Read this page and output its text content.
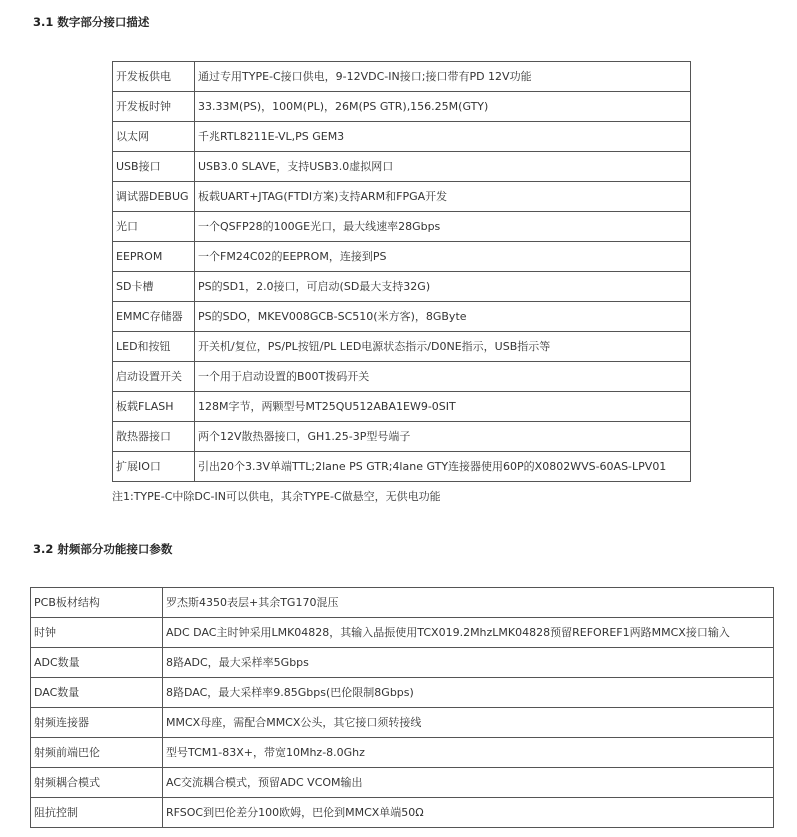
3.1 数字部分接口描述
开发板供电	通过专用TYPE-C接口供电，9-12VDC-IN接口;接口带有PD 12V功能
开发板时钟	33.33M(PS)，100M(PL)，26M(PS GTR),156.25M(GTY)
以太网	千兆RTL8211E-VL,PS GEM3
USB接口	USB3.0 SLAVE，支持USB3.0虚拟网口
调试器DEBUG	板载UART+JTAG(FTDI方案)支持ARM和FPGA开发
光口	一个QSFP28的100GE光口，最大线速率28Gbps
EEPROM	一个FM24C02的EEPROM，连接到PS
SD卡槽	PS的SD1，2.0接口，可启动(SD最大支持32G)
EMMC存储器	PS的SDO，MKEV008GCB-SC510(米方客)，8GByte
LED和按钮	开关机/复位，PS/PL按钮/PL LED电源状态指示/D0NE指示，USB指示等
启动设置开关	一个用于启动设置的B00T拨码开关
板载FLASH	128M字节，两颗型号MT25QU512ABA1EW9-0SIT
散热器接口	两个12V散热器接口，GH1.25-3P型号端子
扩展IO口	引出20个3.3V单端TTL;2lane PS GTR;4lane GTY连接器使用60P的X0802WVS-60AS-LPV01
注1:TYPE-C中除DC-IN可以供电，其余TYPE-C做悬空，无供电功能
3.2 射频部分功能接口参数
PCB板材结构	罗杰斯4350表层+其余TG170混压
时钟	ADC DAC主时钟采用LMK04828，其输入晶振使用TCX019.2MhzLMK04828预留REFOREF1两路MMCX接口输入
ADC数量	8路ADC，最大采样率5Gbps
DAC数量	8路DAC，最大采样率9.85Gbps(巴伦限制8Gbps)
射频连接器	MMCX母座，需配合MMCX公头，其它接口须转接线
射频前端巴伦	型号TCM1-83X+，带宽10Mhz-8.0Ghz
射频耦合模式	AC交流耦合模式，预留ADC VCOM输出
阻抗控制	RFSOC到巴伦差分100欧姆，巴伦到MMCX单端50Ω
